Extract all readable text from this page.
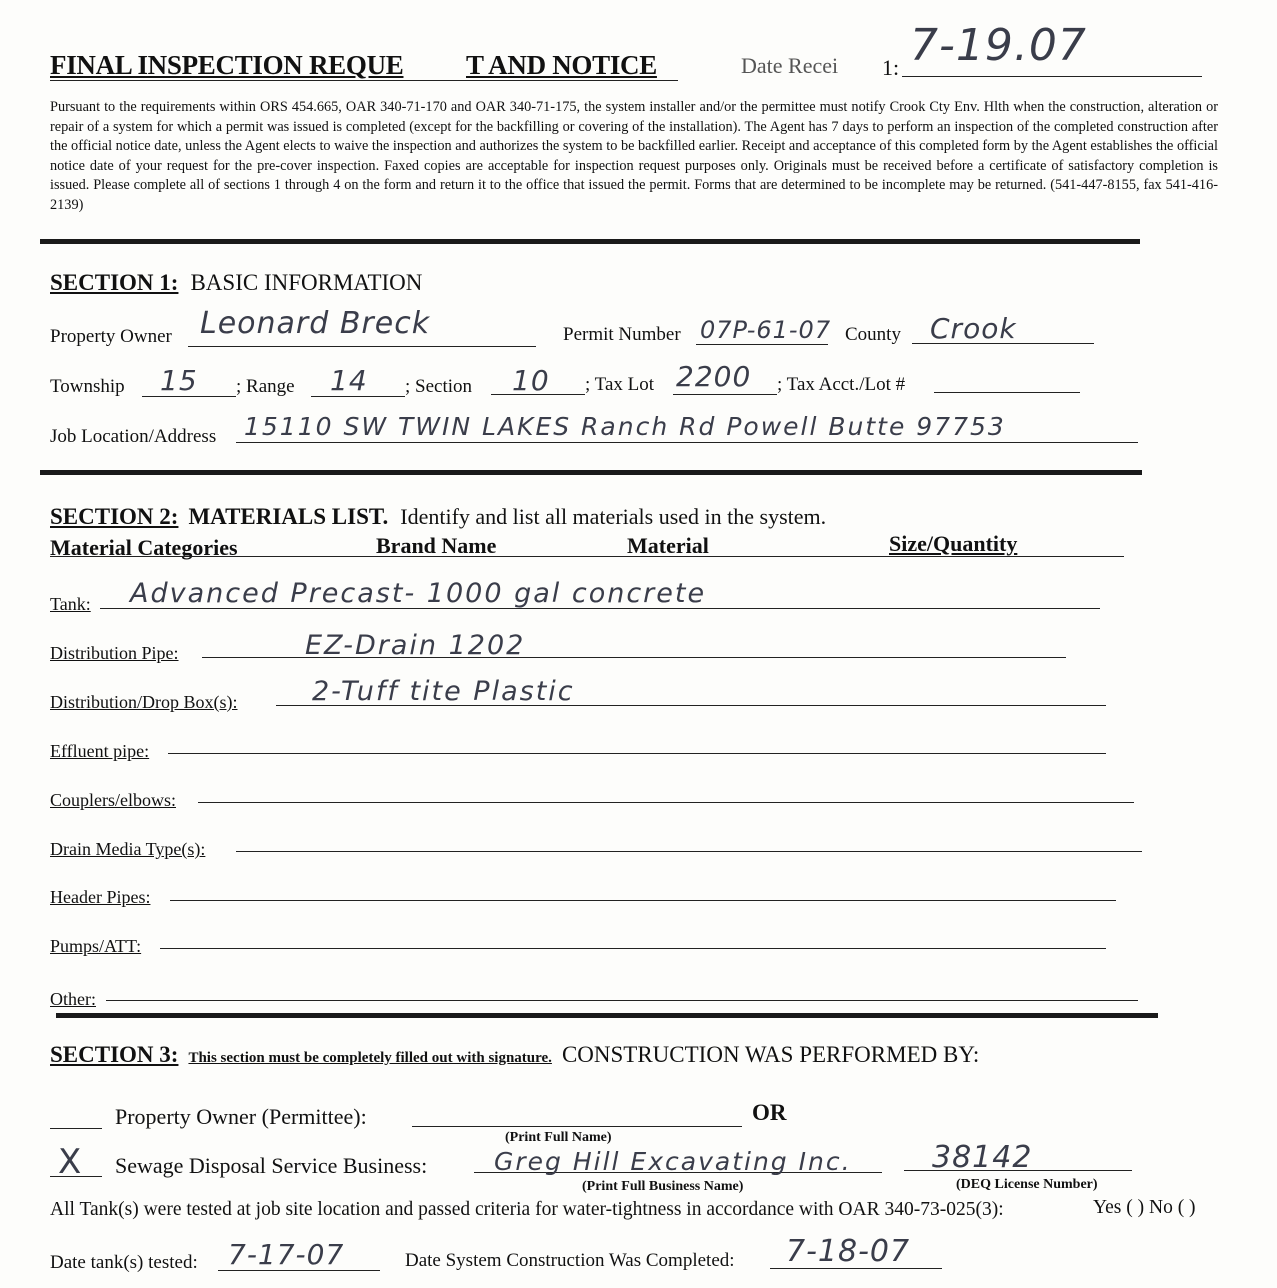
FINAL INSPECTION REQUE T AND NOTICE	Date Recei 1: 7-19.07
Pursuant to the requirements within ORS 454.665, OAR 340-71-170 and OAR 340-71-175, the system installer and/or the permittee must notify Crook Cty Env. Hlth when the construction, alteration or repair of a system for which a permit was issued is completed (except for the backfilling or covering of the installation). The Agent has 7 days to perform an inspection of the completed construction after the official notice date, unless the Agent elects to waive the inspection and authorizes the system to be backfilled earlier. Receipt and acceptance of this completed form by the Agent establishes the official notice date of your request for the pre-cover inspection. Faxed copies are acceptable for inspection request purposes only. Originals must be received before a certificate of satisfactory completion is issued. Please complete all of sections 1 through 4 on the form and return it to the office that issued the permit. Forms that are determined to be incomplete may be returned. (541-447-8155, fax 541-416-2139)
SECTION 1: BASIC INFORMATION
Property Owner Leonard Breck	Permit Number 07P-61-07 County Crook
Township 15 ; Range 14 ; Section 10 ; Tax Lot 2200 ; Tax Acct./Lot #
Job Location/Address 15110 SW TWIN LAKES Ranch Rd Powell Butte 97753
SECTION 2: MATERIALS LIST. Identify and list all materials used in the system.
Material Categories	Brand Name	Material	Size/Quantity
Tank: Advanced Precast- 1000 gal concrete
Distribution Pipe:	EZ-Drain 1202
Distribution/Drop Box(s):	2-Tuff tite Plastic
Effluent pipe:
Couplers/elbows:
Drain Media Type(s):
Header Pipes:
Pumps/ATT:
Other:
SECTION 3: This section must be completely filled out with signature. CONSTRUCTION WAS PERFORMED BY:
Property Owner (Permittee):	OR
(Print Full Name)
X Sewage Disposal Service Business:	Greg Hill Excavating Inc.	38142
(Print Full Business Name)	(DEQ License Number)
All Tank(s) were tested at job site location and passed criteria for water-tightness in accordance with OAR 340-73-025(3):	Yes ( ) No ( )
Date tank(s) tested: 7-17-07	Date System Construction Was Completed: 7-18-07
